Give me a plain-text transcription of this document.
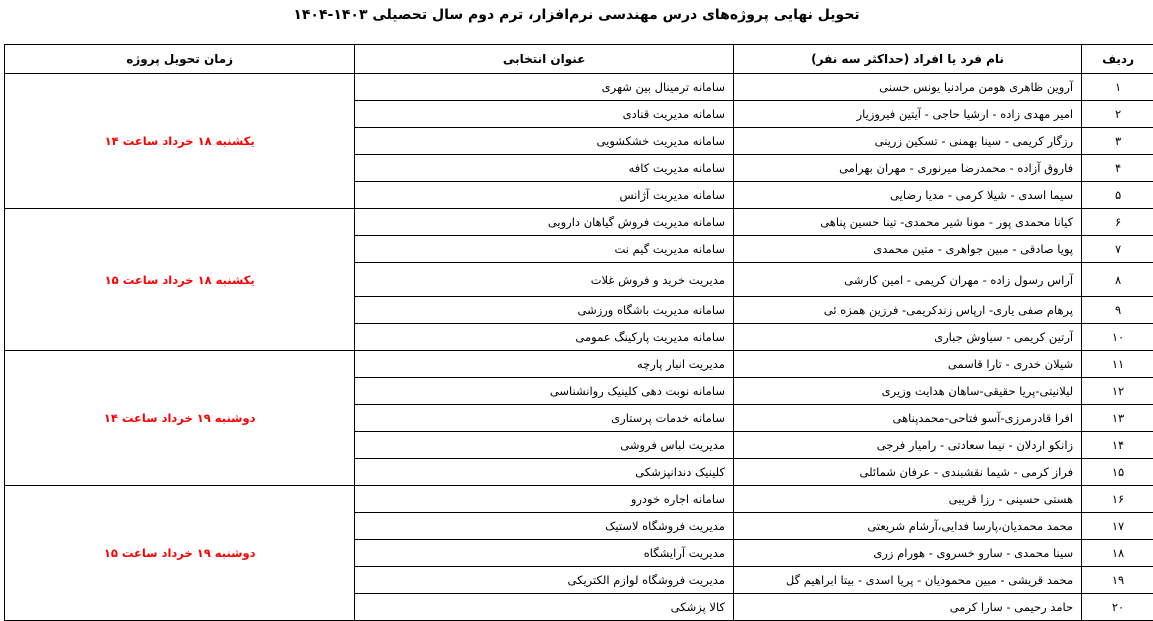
تحویل نهایی پروژه‌های درس مهندسی نرم‌افزار، ترم دوم سال تحصیلی ۱۴۰۳-۱۴۰۴
ردیف	نام فرد یا افراد (حداکثر سه نفر)	عنوان انتخابی	زمان تحویل پروژه
۱	آروین ظاهری هومن مرادنیا یونس حسنی	سامانه ترمینال بین شهری	یکشنبه ۱۸ خرداد ساعت ۱۴
۲	امیر مهدی زاده - ارشیا حاجی - آیتین فیروزیار	سامانه مدیریت قنادی	
۳	رزگار کریمی - سینا بهمنی - تسکین زرینی	سامانه مدیریت خشکشویی	
۴	فاروق آزاده - محمدرضا میرنوری - مهران بهرامی	سامانه مدیریت کافه	
۵	سیما اسدی - شیلا کرمی - مدیا رضایی	سامانه مدیریت آژانس	
۶	کیانا محمدی پور - مونا شیر محمدی- تینا حسین پناهی	سامانه مدیریت فروش گیاهان دارویی	یکشنبه ۱۸ خرداد ساعت ۱۵
۷	پویا صادقی - مبین جواهری - متین محمدی	سامانه مدیریت گیم نت	
۸	آراس رسول زاده - مهران کریمی - امین کارشی	مدیریت خرید و فروش غلات	
۹	پرهام صفی یاری- ارپاس زندکریمی- فرزین همزه ئی	سامانه مدیریت باشگاه ورزشی	
۱۰	آرتین کریمی - سیاوش جباری	سامانه مدیریت پارکینگ عمومی	
۱۱	شیلان خدری - تارا قاسمی	مدیریت انبار پارچه	دوشنبه ۱۹ خرداد ساعت ۱۴
۱۲	لیلانیتی-پریا حقیقی-ساهان هدایت وزیری	سامانه نوبت دهی کلینیک روانشناسی	
۱۳	افرا قادرمرزی-آسو فتاحی-محمدپناهی	سامانه خدمات پرستاری	
۱۴	زانکو اردلان - نیما سعادتی - رامیار فرجی	مدیریت لباس فروشی	
۱۵	فراز کرمی - شیما نقشبندی - عرفان شمائلی	کلینیک دندانپزشکی	
۱۶	هستی حسینی - رزا قریبی	سامانه اجاره خودرو	دوشنبه ۱۹ خرداد ساعت ۱۵
۱۷	محمد محمدیان،پارسا فدایی،آرشام شریعتی	مدیریت فروشگاه لاستیک	
۱۸	سینا محمدی - سارو خسروی - هورام زری	مدیریت آرایشگاه	
۱۹	محمد قریشی - مبین محمودیان - پریا اسدی - بیتا ابراهیم گل	مدیریت فروشگاه لوازم الکتریکی	
۲۰	حامد رحیمی - سارا کرمی	کالا پزشکی	
